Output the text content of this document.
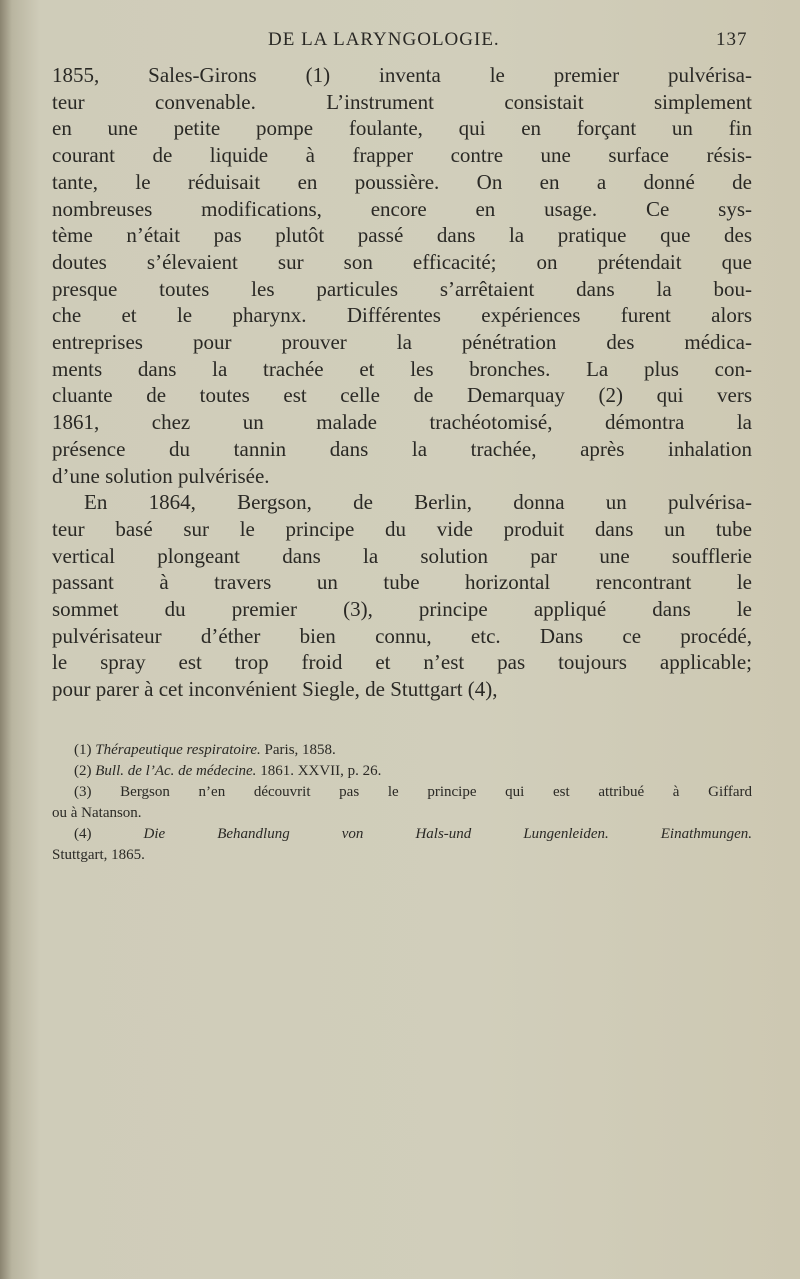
DE LA LARYNGOLOGIE.	137
1855, Sales-Girons (1) inventa le premier pulvérisa-
teur convenable. L’instrument consistait simplement
en une petite pompe foulante, qui en forçant un fin
courant de liquide à frapper contre une surface résis-
tante, le réduisait en poussière. On en a donné de
nombreuses modifications, encore en usage. Ce sys-
tème n’était pas plutôt passé dans la pratique que des
doutes s’élevaient sur son efficacité; on prétendait que
presque toutes les particules s’arrêtaient dans la bou-
che et le pharynx. Différentes expériences furent alors
entreprises pour prouver la pénétration des médica-
ments dans la trachée et les bronches. La plus con-
cluante de toutes est celle de Demarquay (2) qui vers
1861, chez un malade trachéotomisé, démontra la
présence du tannin dans la trachée, après inhalation
d’une solution pulvérisée.
En 1864, Bergson, de Berlin, donna un pulvérisa-
teur basé sur le principe du vide produit dans un tube
vertical plongeant dans la solution par une soufflerie
passant à travers un tube horizontal rencontrant le
sommet du premier (3), principe appliqué dans le
pulvérisateur d’éther bien connu, etc. Dans ce procédé,
le spray est trop froid et n’est pas toujours applicable;
pour parer à cet inconvénient Siegle, de Stuttgart (4),
(1) Thérapeutique respiratoire. Paris, 1858.
(2) Bull. de l’Ac. de médecine. 1861. XXVII, p. 26.
(3) Bergson n’en découvrit pas le principe qui est attribué à Giffard
ou à Natanson.
(4)	Die Behandlung von Hals-und Lungenleiden. Einathmungen.
Stuttgart, 1865.
